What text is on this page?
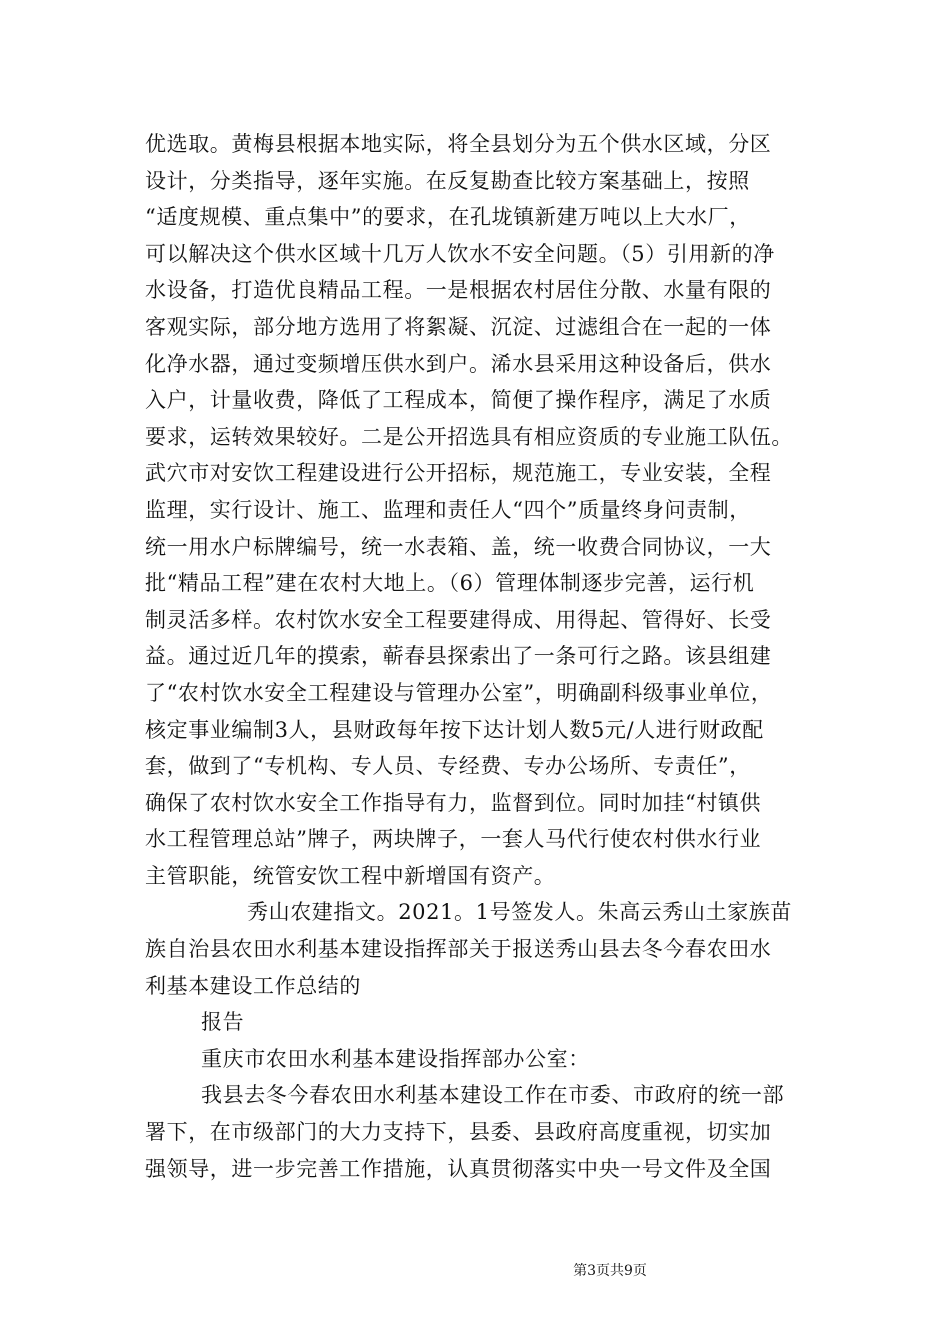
优选取。黄梅县根据本地实际，将全县划分为五个供水区域，分区
设计，分类指导，逐年实施。在反复勘查比较方案基础上，按照
“适度规模、重点集中”的要求，在孔垅镇新建万吨以上大水厂，
可以解决这个供水区域十几万人饮水不安全问题。（5）引用新的净
水设备，打造优良精品工程。一是根据农村居住分散、水量有限的
客观实际，部分地方选用了将絮凝、沉淀、过滤组合在一起的一体
化净水器，通过变频增压供水到户。浠水县采用这种设备后，供水
入户，计量收费，降低了工程成本，简便了操作程序，满足了水质
要求，运转效果较好。二是公开招选具有相应资质的专业施工队伍。
武穴市对安饮工程建设进行公开招标，规范施工，专业安装，全程
监理，实行设计、施工、监理和责任人“四个”质量终身问责制，
统一用水户标牌编号，统一水表箱、盖，统一收费合同协议，一大
批“精品工程”建在农村大地上。（6）管理体制逐步完善，运行机
制灵活多样。农村饮水安全工程要建得成、用得起、管得好、长受
益。通过近几年的摸索，蕲春县探索出了一条可行之路。该县组建
了“农村饮水安全工程建设与管理办公室”，明确副科级事业单位，
核定事业编制3人，县财政每年按下达计划人数5元/人进行财政配
套，做到了“专机构、专人员、专经费、专办公场所、专责任”，
确保了农村饮水安全工作指导有力，监督到位。同时加挂“村镇供
水工程管理总站”牌子，两块牌子，一套人马代行使农村供水行业
主管职能，统管安饮工程中新增国有资产。
秀山农建指文。2021。1号签发人。朱高云秀山土家族苗
族自治县农田水利基本建设指挥部关于报送秀山县去冬今春农田水
利基本建设工作总结的
报告
重庆市农田水利基本建设指挥部办公室：
我县去冬今春农田水利基本建设工作在市委、市政府的统一部
署下，在市级部门的大力支持下，县委、县政府高度重视，切实加
强领导，进一步完善工作措施，认真贯彻落实中央一号文件及全国
第3页共9页
